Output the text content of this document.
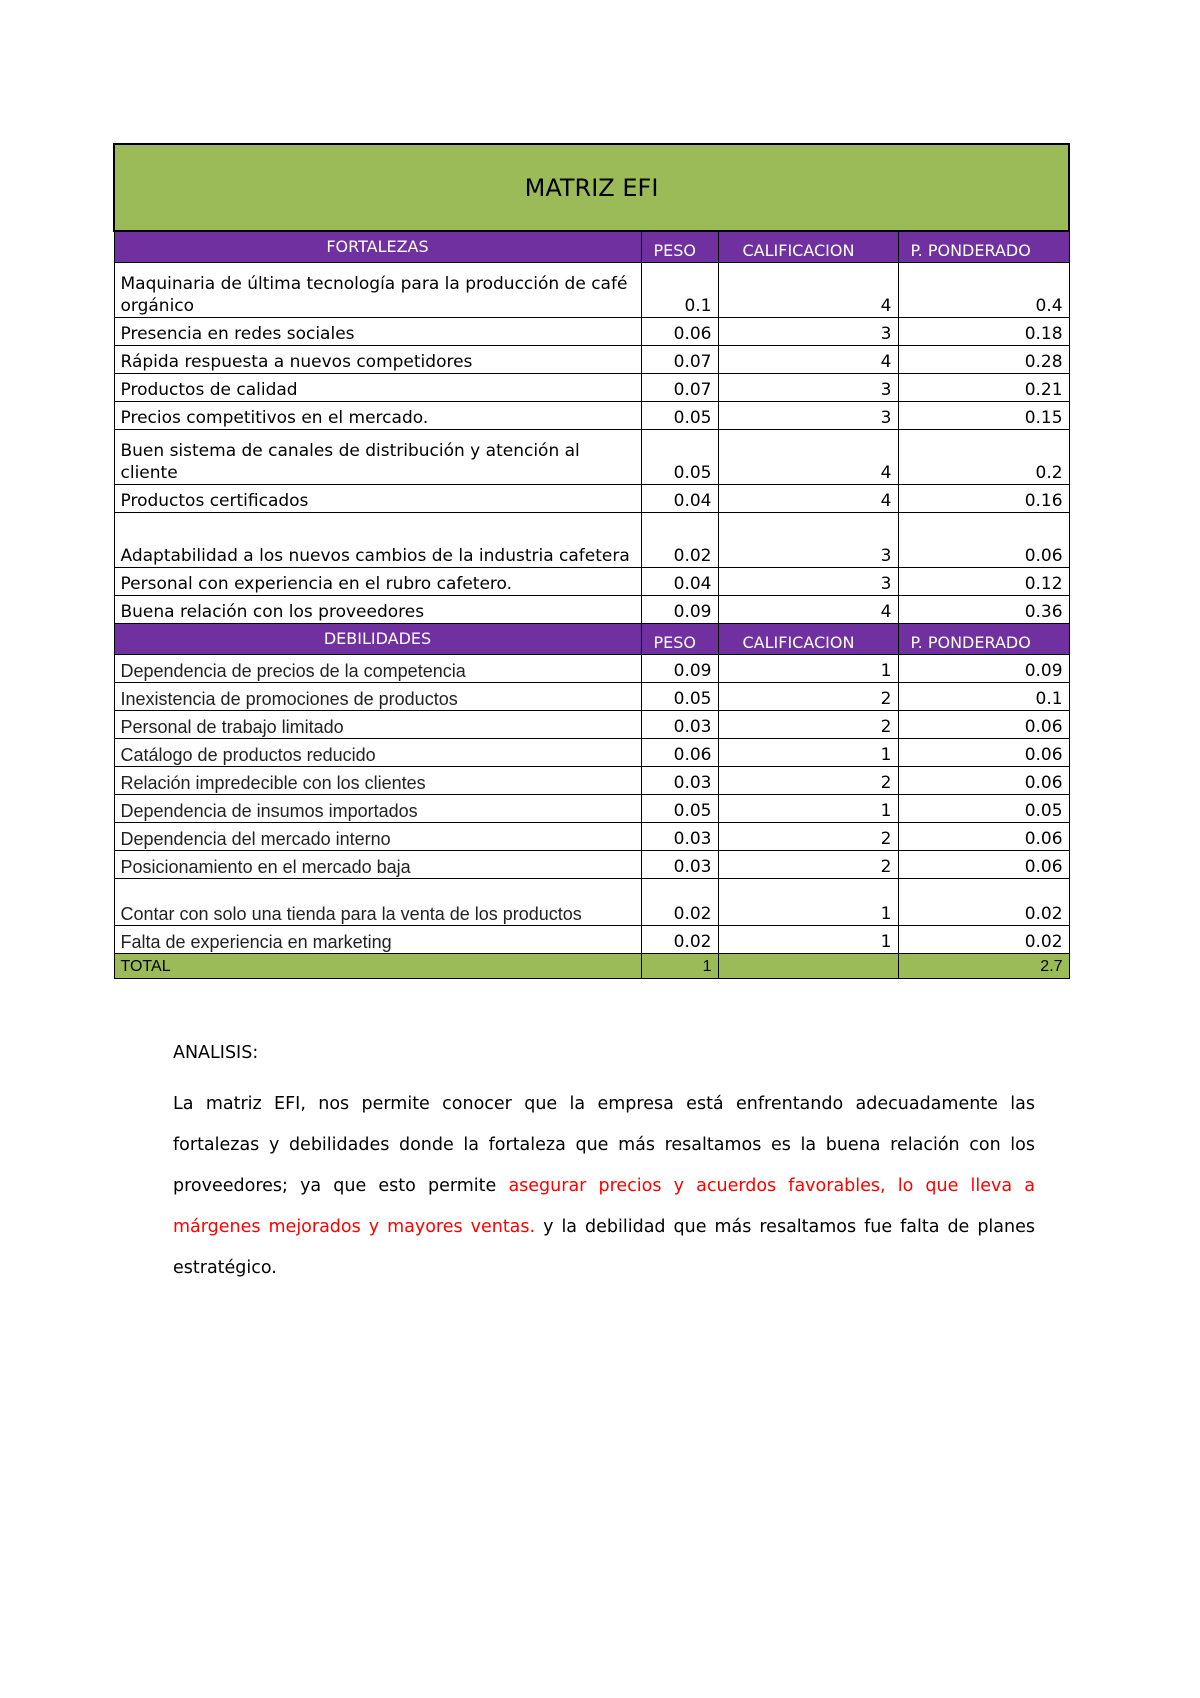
MATRIZ EFI			
FORTALEZAS	PESO	CALIFICACION	P. PONDERADO
Maquinaria de última tecnología para la producción de café orgánico	0.1	4	0.4
Presencia en redes sociales	0.06	3	0.18
Rápida respuesta a nuevos competidores	0.07	4	0.28
Productos de calidad	0.07	3	0.21
Precios competitivos en el mercado.	0.05	3	0.15
Buen sistema de canales de distribución y atención al cliente	0.05	4	0.2
Productos certificados	0.04	4	0.16
Adaptabilidad a los nuevos cambios de la industria cafetera	0.02	3	0.06
Personal con experiencia en el rubro cafetero.	0.04	3	0.12
Buena relación con los proveedores	0.09	4	0.36
DEBILIDADES	PESO	CALIFICACION	P. PONDERADO
Dependencia de precios de la competencia	0.09	1	0.09
Inexistencia de promociones de productos	0.05	2	0.1
Personal de trabajo limitado	0.03	2	0.06
Catálogo de productos reducido	0.06	1	0.06
Relación impredecible con los clientes	0.03	2	0.06
Dependencia de insumos importados	0.05	1	0.05
Dependencia del mercado interno	0.03	2	0.06
Posicionamiento en el mercado baja	0.03	2	0.06
Contar con solo una tienda para la venta de los productos	0.02	1	0.02
Falta de experiencia en marketing	0.02	1	0.02
TOTAL	1		2.7

ANALISIS:

La matriz EFI, nos permite conocer que la empresa está enfrentando adecuadamente las fortalezas y debilidades donde la fortaleza que más resaltamos es la buena relación con los proveedores; ya que esto permite asegurar precios y acuerdos favorables, lo que lleva a márgenes mejorados y mayores ventas. y la debilidad que más resaltamos fue falta de planes estratégico.
